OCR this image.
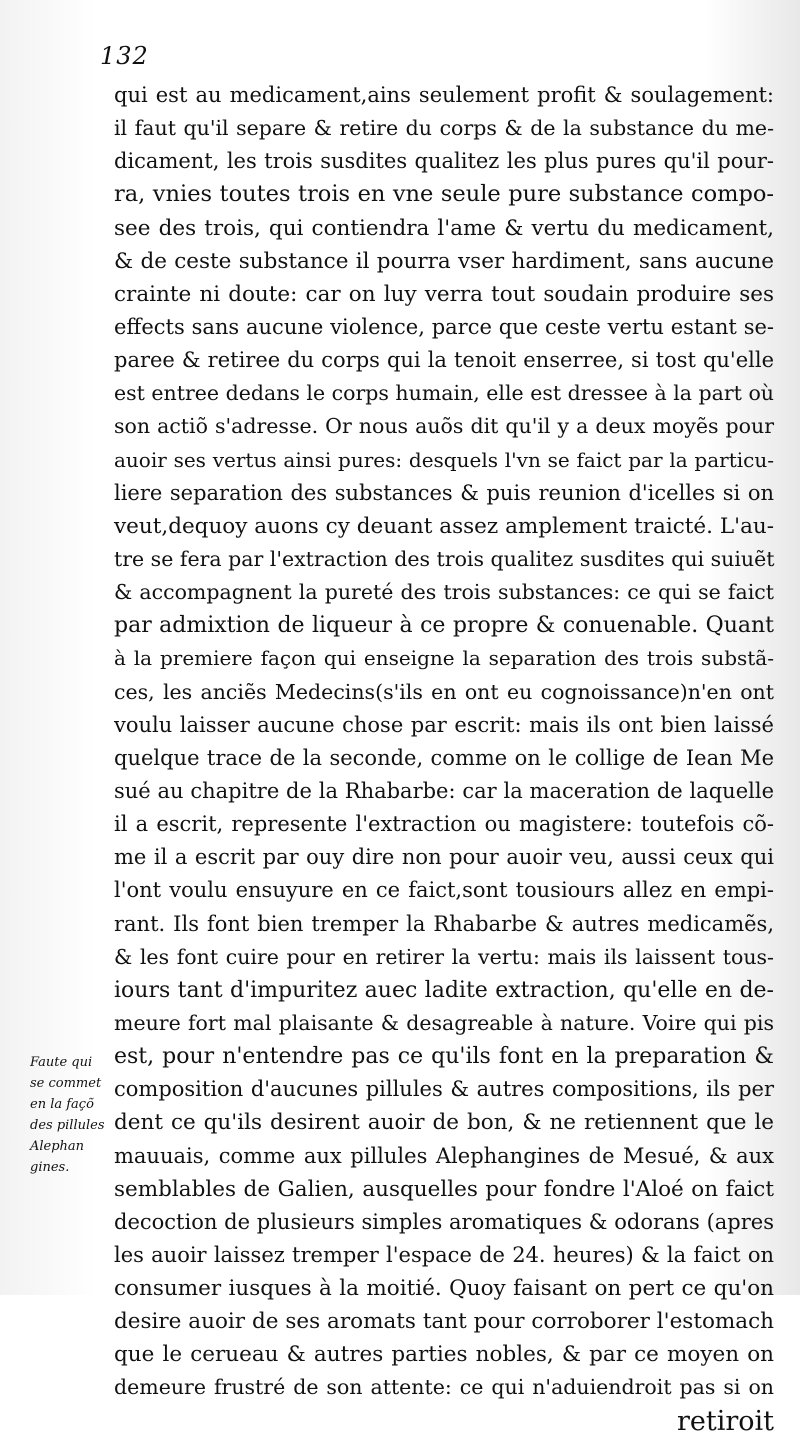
132
qui est au medicament,ains seulement profit & soulagement:
il faut qu'il separe & retire du corps & de la substance du me-
dicament, les trois susdites qualitez les plus pures qu'il pour-
ra, vnies toutes trois en vne seule pure substance compo-
see des trois, qui contiendra l'ame & vertu du medicament,
& de ceste substance il pourra vser hardiment, sans aucune
crainte ni doute: car on luy verra tout soudain produire ses
effects sans aucune violence, parce que ceste vertu estant se-
paree & retiree du corps qui la tenoit enserree, si tost qu'elle
est entree dedans le corps humain, elle est dressee à la part où
son actiõ s'adresse. Or nous auõs dit qu'il y a deux moyẽs pour
auoir ses vertus ainsi pures: desquels l'vn se faict par la particu-
liere separation des substances & puis reunion d'icelles si on
veut,dequoy auons cy deuant assez amplement traicté. L'au-
tre se fera par l'extraction des trois qualitez susdites qui suiuẽt
& accompagnent la pureté des trois substances: ce qui se faict
par admixtion de liqueur à ce propre & conuenable. Quant
à la premiere façon qui enseigne la separation des trois substã-
ces, les anciẽs Medecins(s'ils en ont eu cognoissance)n'en ont
voulu laisser aucune chose par escrit: mais ils ont bien laissé
quelque trace de la seconde, comme on le collige de Iean Me
sué au chapitre de la Rhabarbe: car la maceration de laquelle
il a escrit, represente l'extraction ou magistere: toutefois cõ-
me il a escrit par ouy dire non pour auoir veu, aussi ceux qui
l'ont voulu ensuyure en ce faict,sont tousiours allez en empi-
rant. Ils font bien tremper la Rhabarbe & autres medicamẽs,
& les font cuire pour en retirer la vertu: mais ils laissent tous-
iours tant d'impuritez auec ladite extraction, qu'elle en de-
meure fort mal plaisante & desagreable à nature. Voire qui pis
est, pour n'entendre pas ce qu'ils font en la preparation &
composition d'aucunes pillules & autres compositions, ils per
dent ce qu'ils desirent auoir de bon, & ne retiennent que le
mauuais, comme aux pillules Alephangines de Mesué, & aux
semblables de Galien, ausquelles pour fondre l'Aloé on faict
decoction de plusieurs simples aromatiques & odorans (apres
les auoir laissez tremper l'espace de 24. heures) & la faict on
consumer iusques à la moitié. Quoy faisant on pert ce qu'on
desire auoir de ses aromats tant pour corroborer l'estomach
que le cerueau & autres parties nobles, & par ce moyen on
demeure frustré de son attente: ce qui n'aduiendroit pas si on
retiroit
Faute qui
se commet
en la façõ
des pillules
Alephan
gines.
